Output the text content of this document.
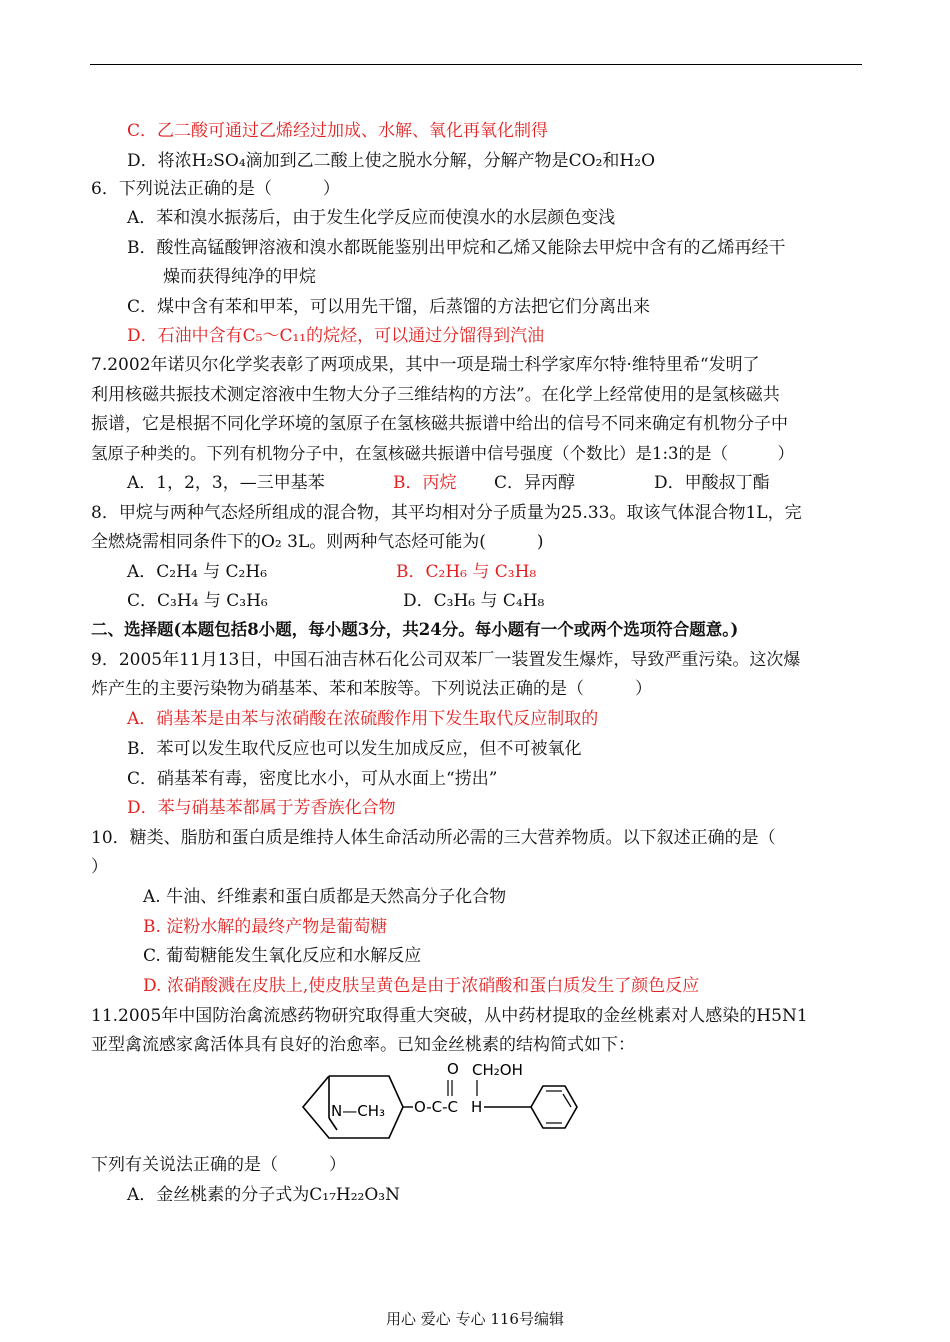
C．乙二酸可通过乙烯经过加成、水解、氧化再氧化制得
D．将浓H₂SO₄滴加到乙二酸上使之脱水分解，分解产物是CO₂和H₂O
6．下列说法正确的是（　　　）
A．苯和溴水振荡后，由于发生化学反应而使溴水的水层颜色变浅
B．酸性高锰酸钾溶液和溴水都既能鉴别出甲烷和乙烯又能除去甲烷中含有的乙烯再经干
燥而获得纯净的甲烷
C．煤中含有苯和甲苯，可以用先干馏，后蒸馏的方法把它们分离出来
D．石油中含有C₅～C₁₁的烷烃，可以通过分馏得到汽油
7.2002年诺贝尔化学奖表彰了两项成果，其中一项是瑞士科学家库尔特·维特里希“发明了
利用核磁共振技术测定溶液中生物大分子三维结构的方法”。在化学上经常使用的是氢核磁共
振谱，它是根据不同化学环境的氢原子在氢核磁共振谱中给出的信号不同来确定有机物分子中
氢原子种类的。下列有机物分子中，在氢核磁共振谱中信号强度（个数比）是1:3的是（　　　）
A．1，2，3，—三甲基苯	B．丙烷 C．异丙醇	D．甲酸叔丁酯
8．甲烷与两种气态烃所组成的混合物，其平均相对分子质量为25.33。取该气体混合物1L，完
全燃烧需相同条件下的O₂ 3L。则两种气态烃可能为(　　　)
A．C₂H₄ 与 C₂H₆	B．C₂H₆ 与 C₃H₈
C．C₃H₄ 与 C₃H₆	D．C₃H₆ 与 C₄H₈
二、选择题(本题包括8小题，每小题3分，共24分。每小题有一个或两个选项符合题意。)
9．2005年11月13日，中国石油吉林石化公司双苯厂一装置发生爆炸，导致严重污染。这次爆
炸产生的主要污染物为硝基苯、苯和苯胺等。下列说法正确的是（　　　）
A．硝基苯是由苯与浓硝酸在浓硫酸作用下发生取代反应制取的
B．苯可以发生取代反应也可以发生加成反应，但不可被氧化
C．硝基苯有毒，密度比水小，可从水面上“捞出”
D．苯与硝基苯都属于芳香族化合物
10．糖类、脂肪和蛋白质是维持人体生命活动所必需的三大营养物质。以下叙述正确的是（
）
A. 牛油、纤维素和蛋白质都是天然高分子化合物
B. 淀粉水解的最终产物是葡萄糖
C. 葡萄糖能发生氧化反应和水解反应
D. 浓硝酸溅在皮肤上,使皮肤呈黄色是由于浓硝酸和蛋白质发生了颜色反应
11.2005年中国防治禽流感药物研究取得重大突破，从中药材提取的金丝桃素对人感染的H5N1
亚型禽流感家禽活体具有良好的治愈率。已知金丝桃素的结构简式如下：
N—CH₃ O-C-C
O
H
CH₂OH
下列有关说法正确的是（　　　）
A．金丝桃素的分子式为C₁₇H₂₂O₃N
用心 爱心 专心 116号编辑
